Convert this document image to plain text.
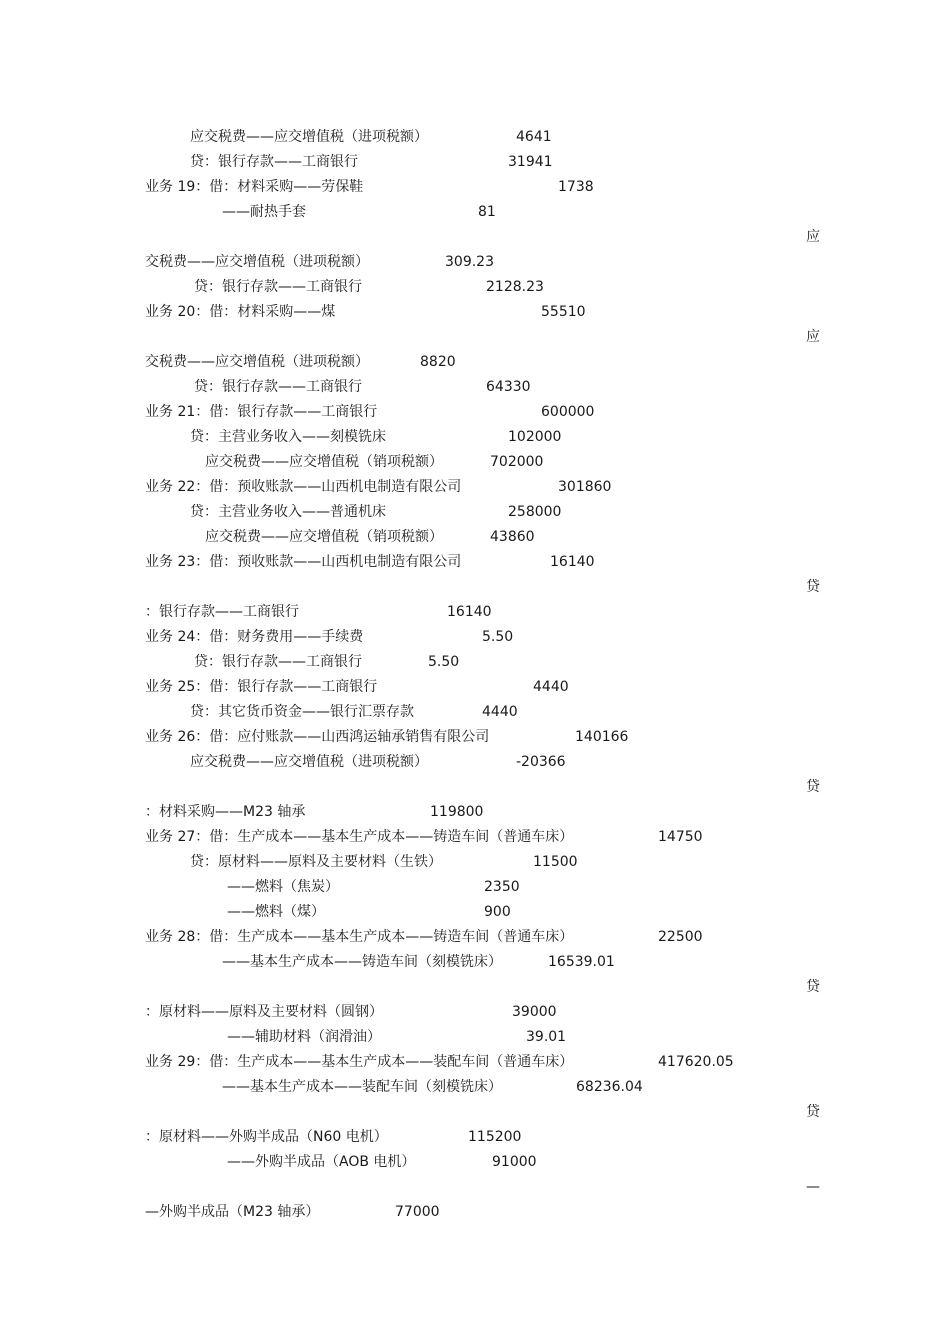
应交税费——应交增值税（进项税额）	4641
贷：银行存款——工商银行	31941
业务 19：借：材料采购——劳保鞋	1738
——耐热手套	81
应
交税费——应交增值税（进项税额）	309.23
贷：银行存款——工商银行	2128.23
业务 20：借：材料采购——煤	55510
应
交税费——应交增值税（进项税额）	8820
贷：银行存款——工商银行	64330
业务 21：借：银行存款——工商银行	600000
贷：主营业务收入——刻模铣床	102000
应交税费——应交增值税（销项税额）	702000
业务 22：借：预收账款——山西机电制造有限公司	301860
贷：主营业务收入——普通机床	258000
应交税费——应交增值税（销项税额）	43860
业务 23：借：预收账款——山西机电制造有限公司	16140
贷
：银行存款——工商银行	16140
业务 24：借：财务费用——手续费	5.50
贷：银行存款——工商银行	5.50
业务 25：借：银行存款——工商银行	4440
贷：其它货币资金——银行汇票存款	4440
业务 26：借：应付账款——山西鸿运轴承销售有限公司	140166
应交税费——应交增值税（进项税额）	-20366
贷
：材料采购——M23 轴承	119800
业务 27：借：生产成本——基本生产成本——铸造车间（普通车床）	14750
贷：原材料——原料及主要材料（生铁）	11500
——燃料（焦炭）	2350
——燃料（煤）	900
业务 28：借：生产成本——基本生产成本——铸造车间（普通车床）	22500
——基本生产成本——铸造车间（刻模铣床）	16539.01
贷
：原材料——原料及主要材料（圆钢）	39000
——辅助材料（润滑油）	39.01
业务 29：借：生产成本——基本生产成本——装配车间（普通车床）	417620.05
——基本生产成本——装配车间（刻模铣床）	68236.04
贷
：原材料——外购半成品（N60 电机）	115200
——外购半成品（AOB 电机）	91000
—
—外购半成品（M23 轴承）	77000
